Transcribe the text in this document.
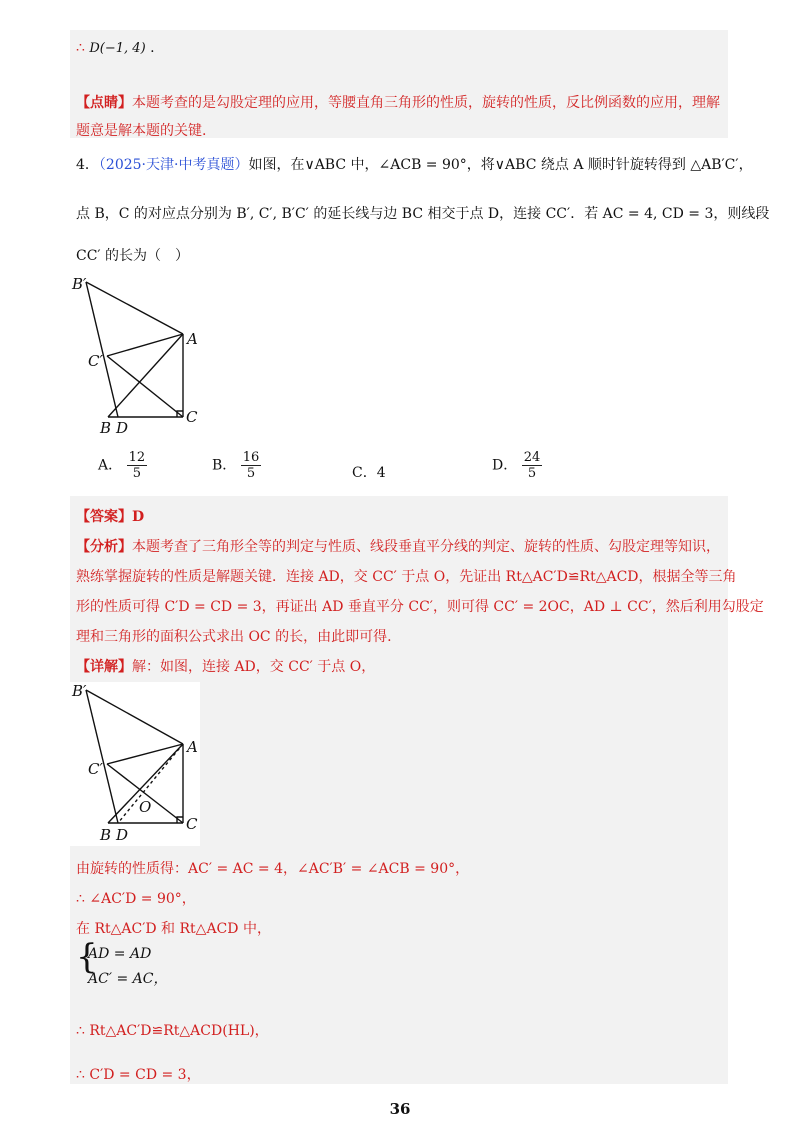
∴ D(−1, 4) .
【点睛】本题考查的是勾股定理的应用，等腰直角三角形的性质，旋转的性质，反比例函数的应用，理解
题意是解本题的关键.
4．（2025·天津·中考真题）如图，在∨ABC 中，∠ACB = 90°，将∨ABC 绕点 A 顺时针旋转得到 △AB′C′，
点 B，C 的对应点分别为 B′, C′, B′C′ 的延长线与边 BC 相交于点 D，连接 CC′．若 AC = 4, CD = 3，则线段
CC′ 的长为（　）
B′
A
C′
B D
C
A． $\frac{12}{5}$	B． $\frac{16}{5}$	C．4	D． $\frac{24}{5}$
【答案】D
【分析】本题考查了三角形全等的判定与性质、线段垂直平分线的判定、旋转的性质、勾股定理等知识，
熟练掌握旋转的性质是解题关键．连接 AD，交 CC′ 于点 O，先证出 Rt△AC′D≌Rt△ACD，根据全等三角
形的性质可得 C′D = CD = 3，再证出 AD 垂直平分 CC′，则可得 CC′ = 2OC，AD ⊥ CC′，然后利用勾股定
理和三角形的面积公式求出 OC 的长，由此即可得.
【详解】解：如图，连接 AD，交 CC′ 于点 O，
B′
A
C′
O
B D
C
由旋转的性质得：AC′ = AC = 4，∠AC′B′ = ∠ACB = 90°，
∴ ∠AC′D = 90°，
在 Rt△AC′D 和 Rt△ACD 中，
{
AD = AD
AC′ = AC，
∴ Rt△AC′D≌Rt△ACD(HL)，
∴ C′D = CD = 3，
36
